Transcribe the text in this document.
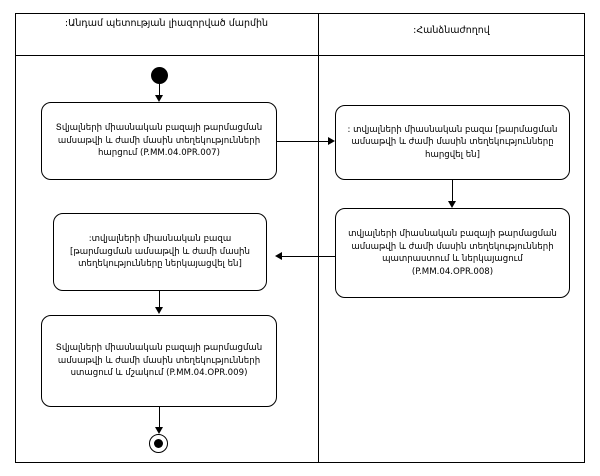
:Անդամ պետության լիազորված մարմին
:Հանձնաժողով
Տվյալների միասնական բազայի թարմացման ամսաթվի և ժամի մասին տեղեկությունների հարցում (P.MM.04.0PR.007)
: տվյալների միասնական բազա [թարմացման ամսաթվի և ժամի մասին տեղեկությունները հարցվել են]
տվյալների միասնական բազայի թարմացման ամսաթվի և ժամի մասին տեղեկությունների պատրաստում և ներկայացում (P.MM.04.OPR.008)
:տվյալների միասնական բազա [թարմացման ամսաթվի և ժամի մասին տեղեկությունները ներկայացվել են]
Տվյալների միասնական բազայի թարմացման ամսաթվի և ժամի մասին տեղեկությունների ստացում և մշակում (P.MM.04.OPR.009)
